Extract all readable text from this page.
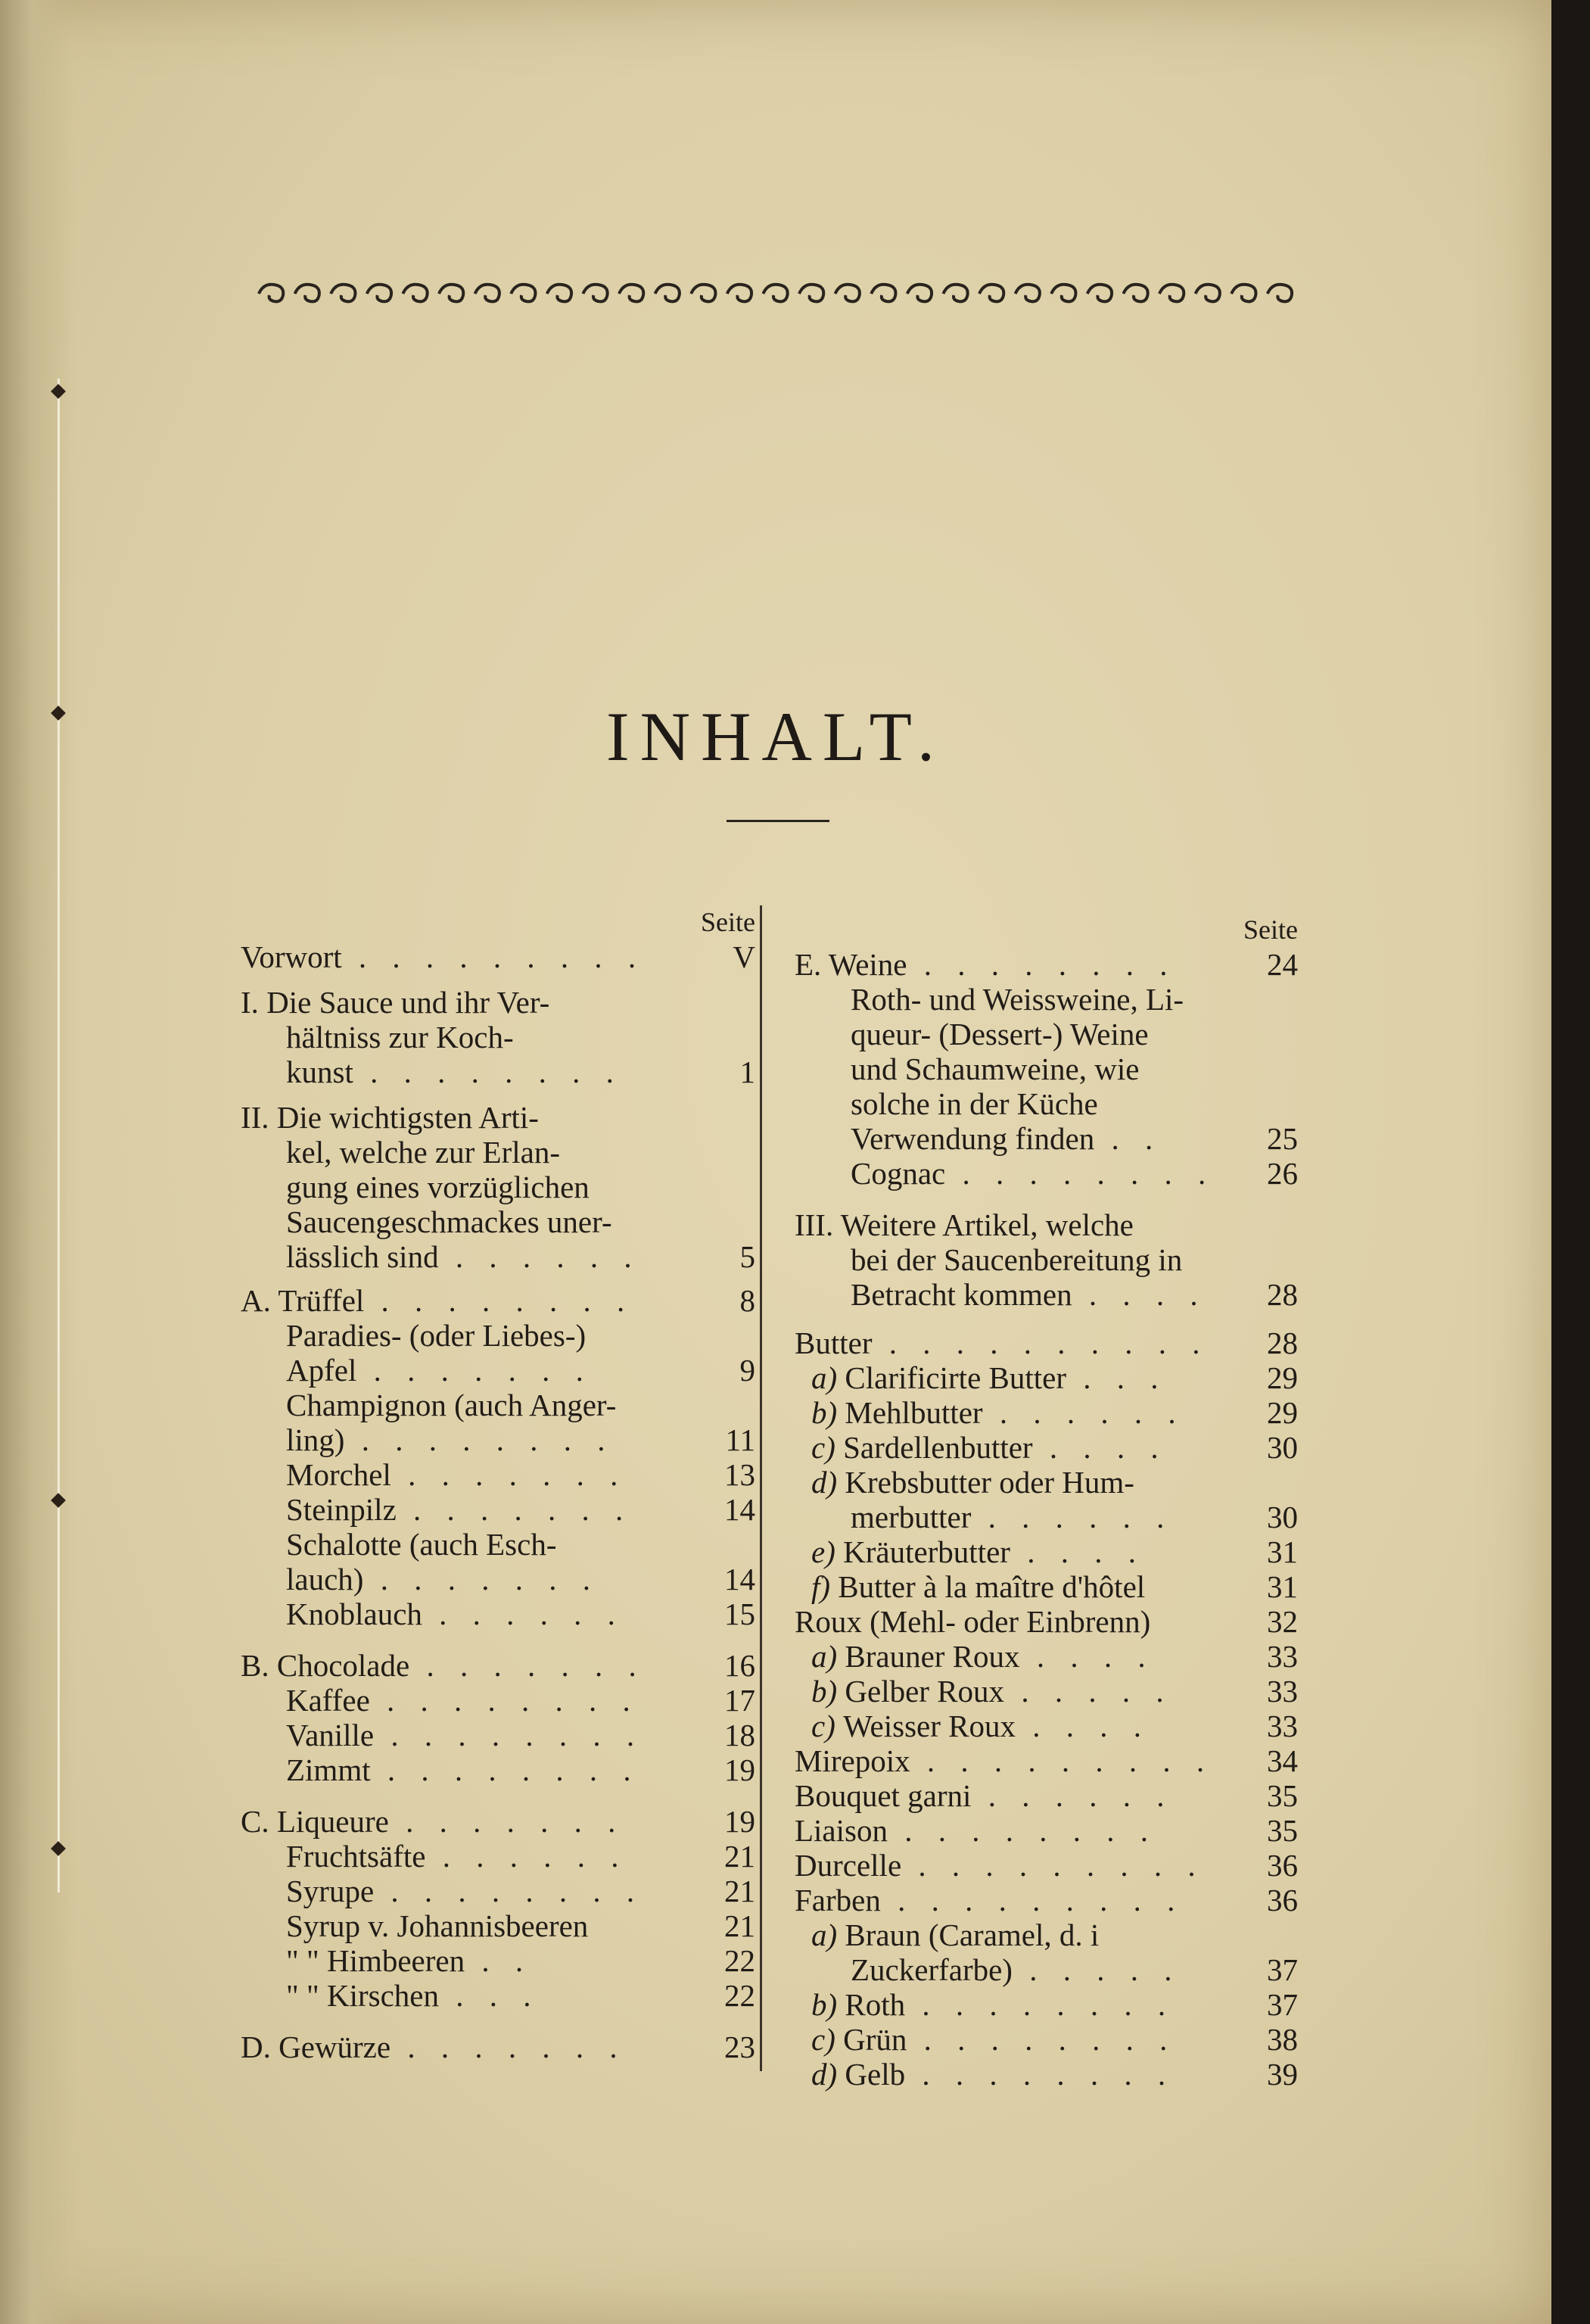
INHALT.
Seite
Vorwort . . . . . . . . .	V
I. Die Sauce und ihr Ver-
hältniss zur Koch-
kunst . . . . . . . .	1
II. Die wichtigsten Arti-
kel, welche zur Erlan-
gung eines vorzüglichen
Saucengeschmackes uner-
lässlich sind . . . . . .	5
A. Trüffel . . . . . . . .	8
Paradies- (oder Liebes-)
Apfel . . . . . . .	9
Champignon (auch Anger-
ling) . . . . . . . .	11
Morchel . . . . . . .	13
Steinpilz . . . . . . .	14
Schalotte (auch Esch-
lauch) . . . . . . .	14
Knoblauch . . . . . .	15
B. Chocolade . . . . . . .	16
Kaffee . . . . . . . .	17
Vanille . . . . . . . .	18
Zimmt . . . . . . . .	19
C. Liqueure . . . . . . .	19
Fruchtsäfte . . . . . .	21
Syrupe . . . . . . . .	21
Syrup v. Johannisbeeren	21
" " Himbeeren . .	22
" " Kirschen . . .	22
D. Gewürze . . . . . . .	23
Seite
E. Weine . . . . . . . .	24
Roth- und Weissweine, Li-
queur- (Dessert-) Weine
und Schaumweine, wie
solche in der Küche
Verwendung finden . .	25
Cognac . . . . . . . .	26
III. Weitere Artikel, welche
bei der Saucenbereitung in
Betracht kommen . . . .	28
Butter . . . . . . . . . .	28
a) Clarificirte Butter . . .	29
b) Mehlbutter . . . . . .	29
c) Sardellenbutter . . . .	30
d) Krebsbutter oder Hum-
merbutter . . . . . .	30
e) Kräuterbutter . . . .	31
f) Butter à la maître d'hôtel	31
Roux (Mehl- oder Einbrenn)	32
a) Brauner Roux . . . .	33
b) Gelber Roux . . . . .	33
c) Weisser Roux . . . .	33
Mirepoix . . . . . . . . .	34
Bouquet garni . . . . . .	35
Liaison . . . . . . . .	35
Durcelle . . . . . . . . .	36
Farben . . . . . . . . .	36
a) Braun (Caramel, d. i
Zuckerfarbe) . . . . .	37
b) Roth . . . . . . . .	37
c) Grün . . . . . . . .	38
d) Gelb . . . . . . . .	39
